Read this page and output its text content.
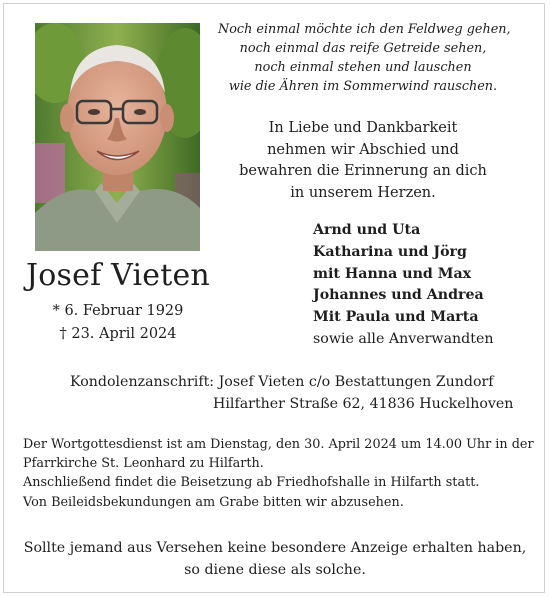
Josef Vieten
* 6. Februar 1929
† 23. April 2024
Noch einmal möchte ich den Feldweg gehen,
noch einmal das reife Getreide sehen,
noch einmal stehen und lauschen
wie die Ähren im Sommerwind rauschen.
In Liebe und Dankbarkeit
nehmen wir Abschied und
bewahren die Erinnerung an dich
in unserem Herzen.
Arnd und Uta
Katharina und Jörg
mit Hanna und Max
Johannes und Andrea
Mit Paula und Marta
sowie alle Anverwandten
Kondolenzanschrift: Josef Vieten c/o Bestattungen Zundorf
Hilfarther Straße 62, 41836 Huckelhoven
Der Wortgottesdienst ist am Dienstag, den 30. April 2024 um 14.00 Uhr in der
Pfarrkirche St. Leonhard zu Hilfarth.
Anschließend findet die Beisetzung ab Friedhofshalle in Hilfarth statt.
Von Beileidsbekundungen am Grabe bitten wir abzusehen.
Sollte jemand aus Versehen keine besondere Anzeige erhalten haben,
so diene diese als solche.
